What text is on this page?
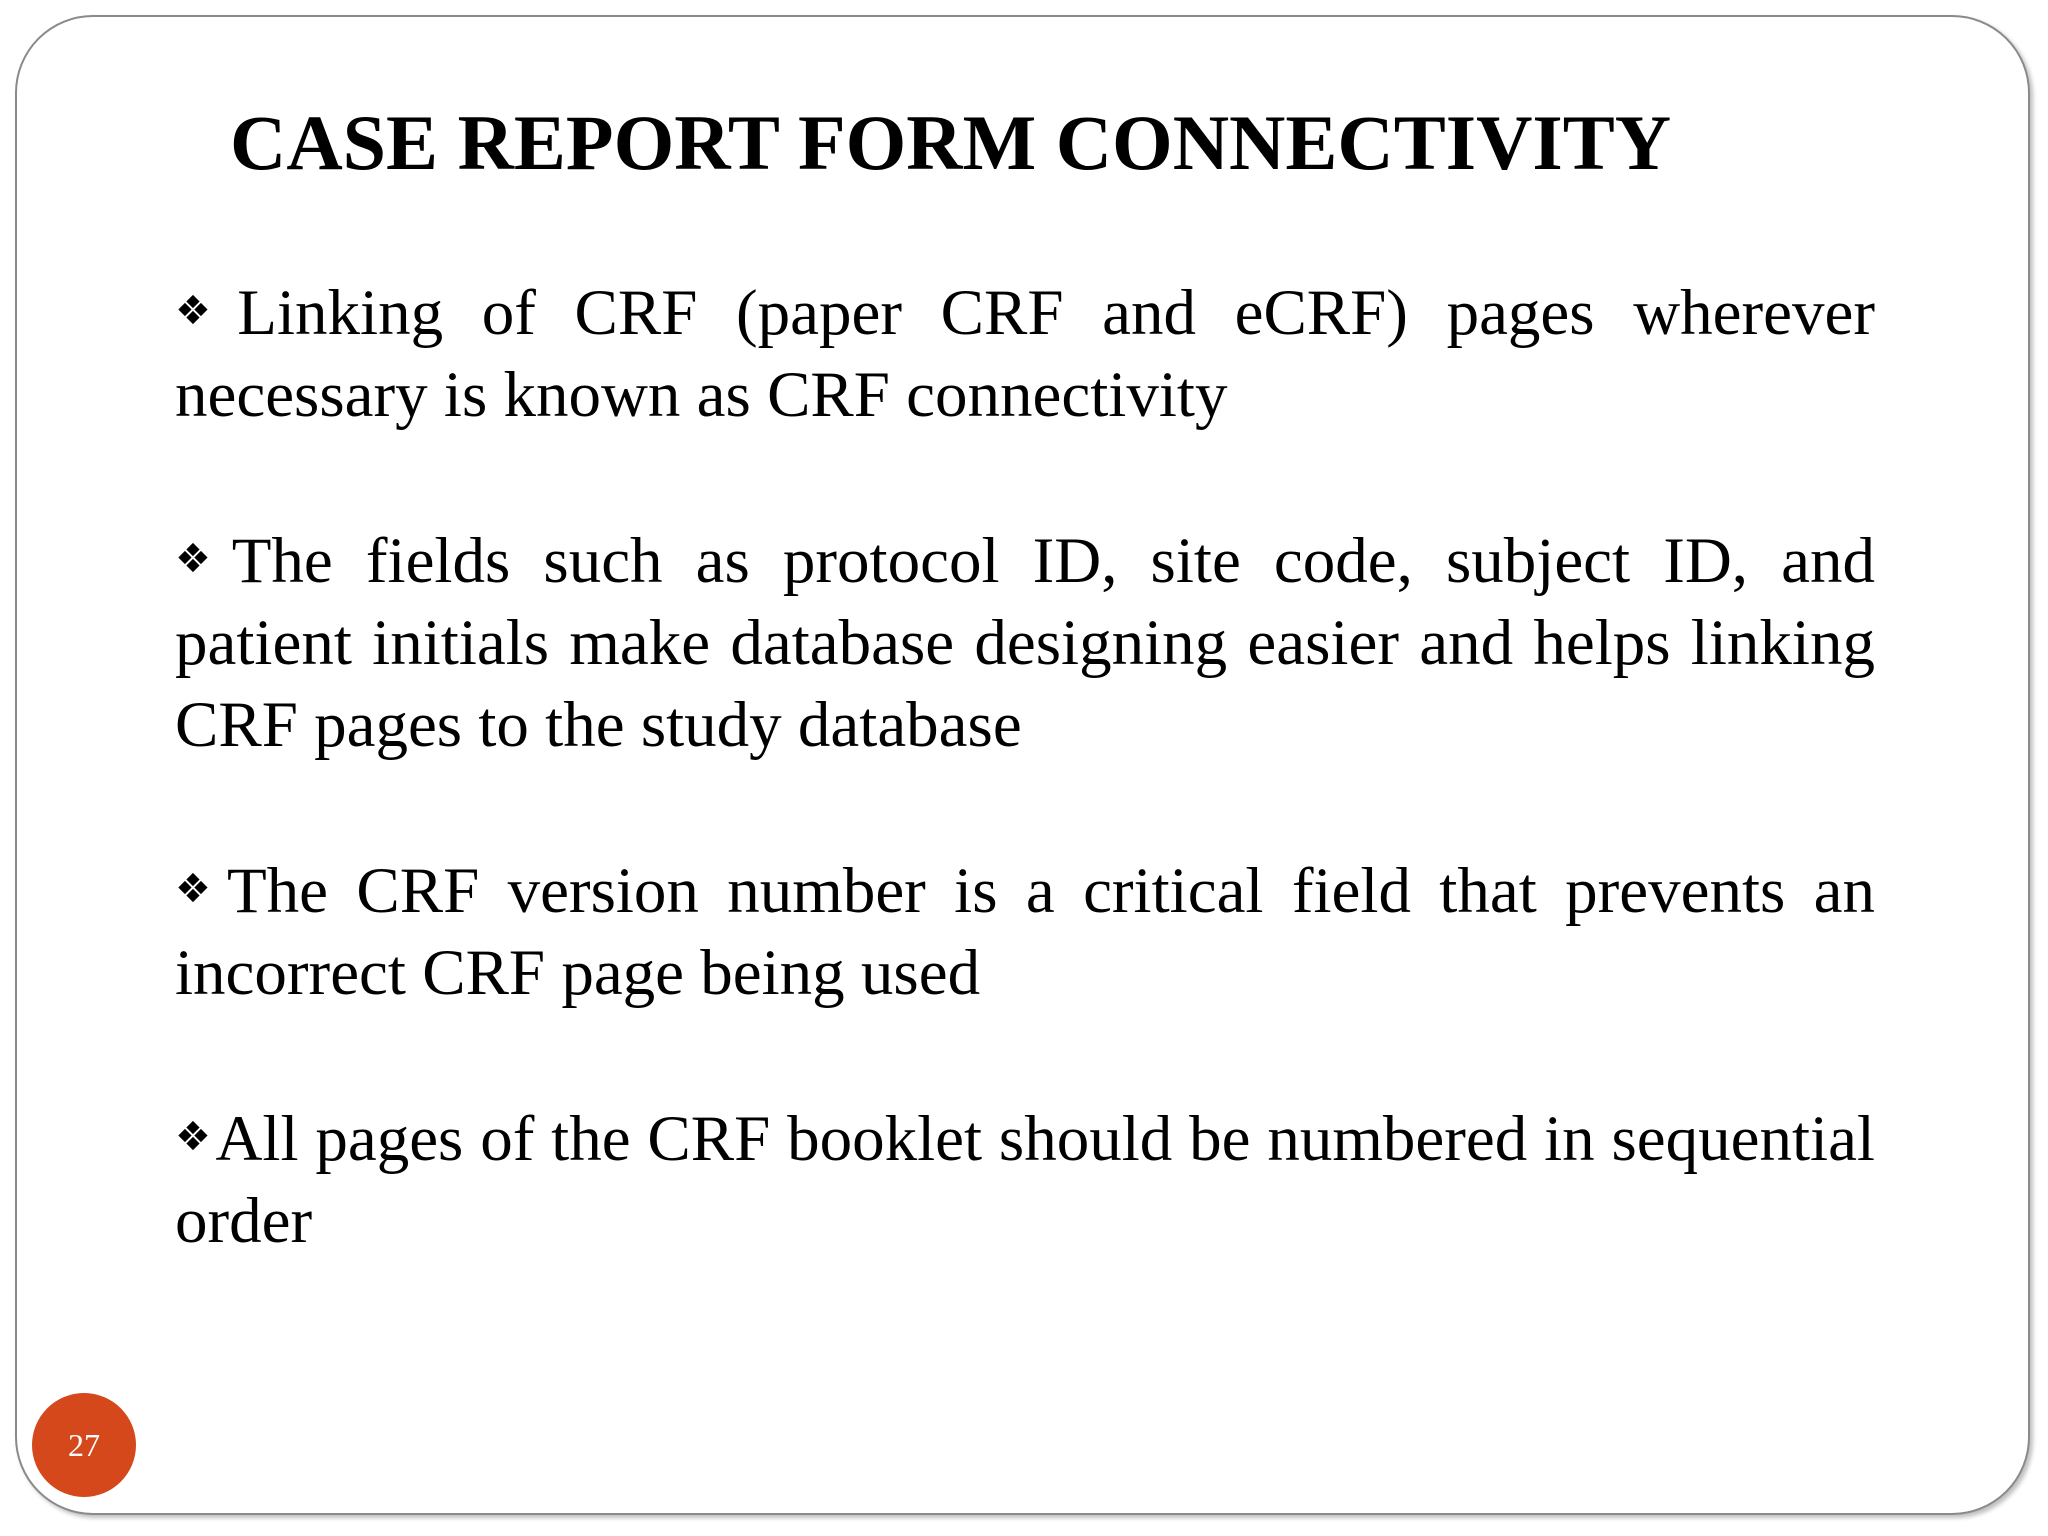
CASE REPORT FORM CONNECTIVITY

❖Linking of CRF (paper CRF and eCRF) pages wherever necessary is known as CRF connectivity

❖The fields such as protocol ID, site code, subject ID, and patient initials make database designing easier and helps linking CRF pages to the study database

❖The CRF version number is a critical field that prevents an incorrect CRF page being used

❖All pages of the CRF booklet should be numbered in sequential order

27
